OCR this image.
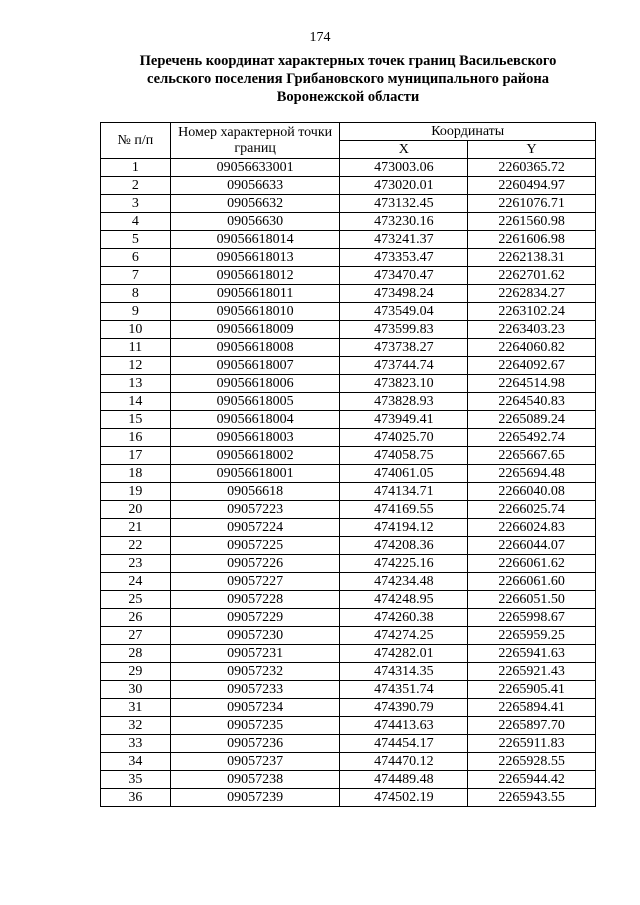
174
Перечень координат характерных точек границ Васильевского
сельского поселения Грибановского муниципального района
Воронежской области
№ п/п	Номер характерной точки границ	Координаты	
		X	Y
1	09056633001	473003.06	2260365.72
2	09056633	473020.01	2260494.97
3	09056632	473132.45	2261076.71
4	09056630	473230.16	2261560.98
5	09056618014	473241.37	2261606.98
6	09056618013	473353.47	2262138.31
7	09056618012	473470.47	2262701.62
8	09056618011	473498.24	2262834.27
9	09056618010	473549.04	2263102.24
10	09056618009	473599.83	2263403.23
11	09056618008	473738.27	2264060.82
12	09056618007	473744.74	2264092.67
13	09056618006	473823.10	2264514.98
14	09056618005	473828.93	2264540.83
15	09056618004	473949.41	2265089.24
16	09056618003	474025.70	2265492.74
17	09056618002	474058.75	2265667.65
18	09056618001	474061.05	2265694.48
19	09056618	474134.71	2266040.08
20	09057223	474169.55	2266025.74
21	09057224	474194.12	2266024.83
22	09057225	474208.36	2266044.07
23	09057226	474225.16	2266061.62
24	09057227	474234.48	2266061.60
25	09057228	474248.95	2266051.50
26	09057229	474260.38	2265998.67
27	09057230	474274.25	2265959.25
28	09057231	474282.01	2265941.63
29	09057232	474314.35	2265921.43
30	09057233	474351.74	2265905.41
31	09057234	474390.79	2265894.41
32	09057235	474413.63	2265897.70
33	09057236	474454.17	2265911.83
34	09057237	474470.12	2265928.55
35	09057238	474489.48	2265944.42
36	09057239	474502.19	2265943.55
